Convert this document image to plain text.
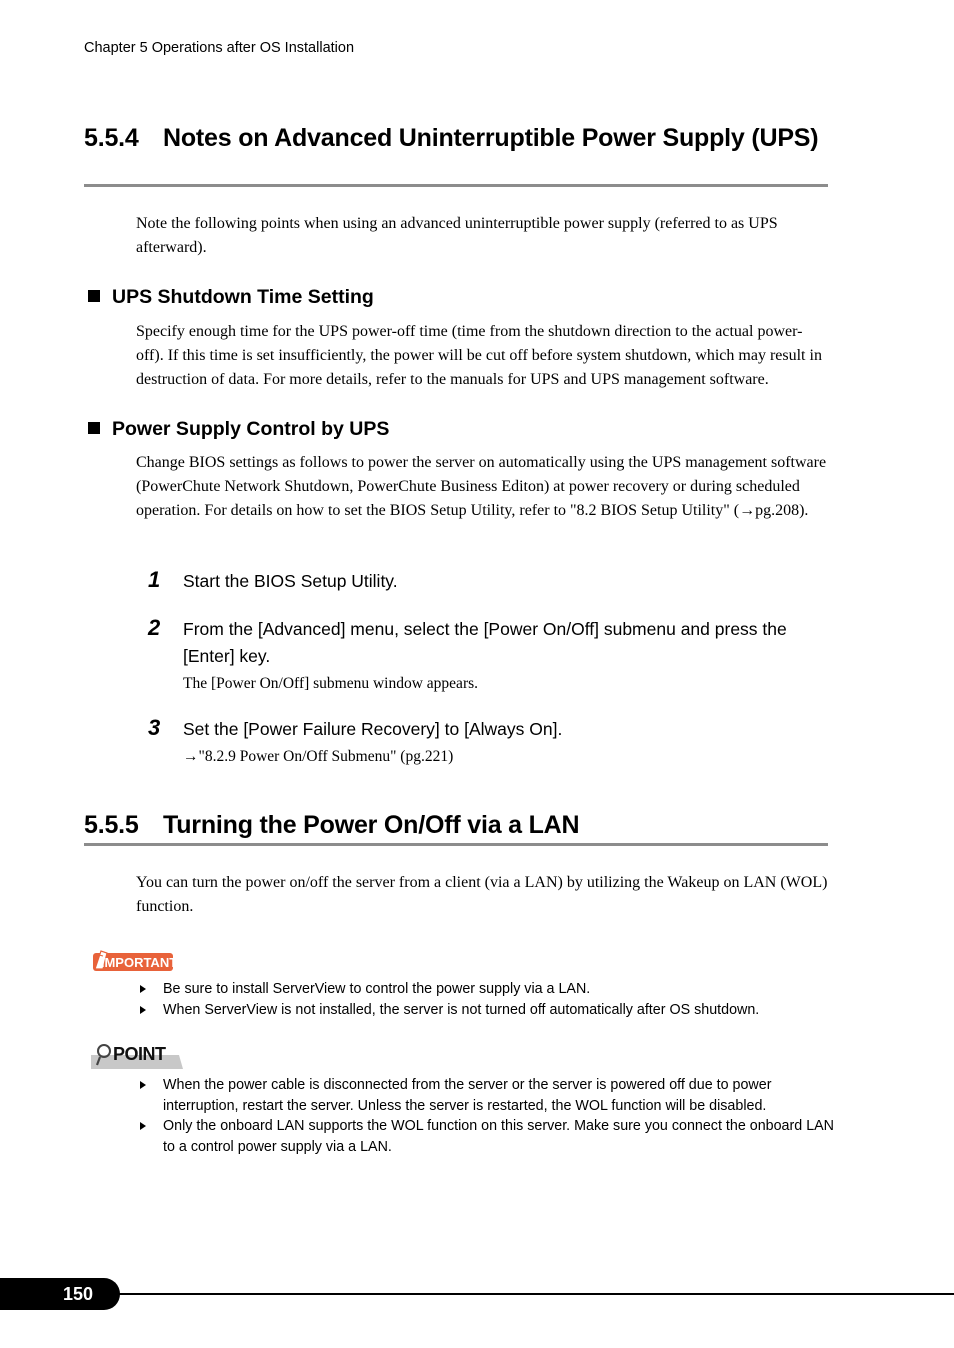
Chapter 5 Operations after OS Installation
5.5.4 Notes on Advanced Uninterruptible Power Supply (UPS)
Note the following points when using an advanced uninterruptible power supply (referred to as UPS afterward).
UPS Shutdown Time Setting
Specify enough time for the UPS power-off time (time from the shutdown direction to the actual power-off). If this time is set insufficiently, the power will be cut off before system shutdown, which may result in destruction of data. For more details, refer to the manuals for UPS and UPS management software.
Power Supply Control by UPS
Change BIOS settings as follows to power the server on automatically using the UPS management software (PowerChute Network Shutdown, PowerChute Business Editon) at power recovery or during scheduled operation. For details on how to set the BIOS Setup Utility, refer to "8.2 BIOS Setup Utility" (→pg.208).
1 Start the BIOS Setup Utility.
2 From the [Advanced] menu, select the [Power On/Off] submenu and press the [Enter] key.
The [Power On/Off] submenu window appears.
3 Set the [Power Failure Recovery] to [Always On].
→"8.2.9 Power On/Off Submenu" (pg.221)
5.5.5 Turning the Power On/Off via a LAN
You can turn the power on/off the server from a client (via a LAN) by utilizing the Wakeup on LAN (WOL) function.
IMPORTANT
Be sure to install ServerView to control the power supply via a LAN.
When ServerView is not installed, the server is not turned off automatically after OS shutdown.
POINT
When the power cable is disconnected from the server or the server is powered off due to power interruption, restart the server. Unless the server is restarted, the WOL function will be disabled.
Only the onboard LAN supports the WOL function on this server. Make sure you connect the onboard LAN to a control power supply via a LAN.
150
